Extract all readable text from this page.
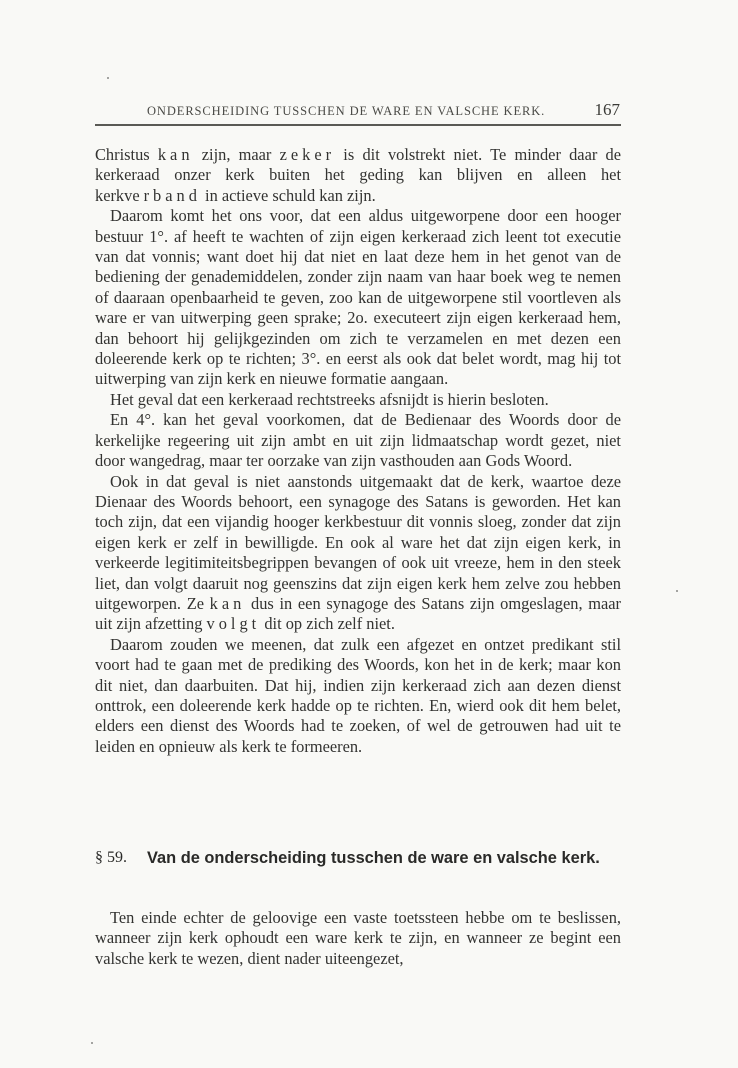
ONDERSCHEIDING TUSSCHEN DE WARE EN VALSCHE KERK.	167

Christus kan zijn, maar zeker is dit volstrekt niet. Te minder daar de kerkeraad onzer kerk buiten het geding kan blijven en alleen het kerkverband in actieve schuld kan zijn.

Daarom komt het ons voor, dat een aldus uitgeworpene door een hooger bestuur 1°. af heeft te wachten of zijn eigen kerkeraad zich leent tot executie van dat vonnis; want doet hij dat niet en laat deze hem in het genot van de bediening der genademiddelen, zonder zijn naam van haar boek weg te nemen of daaraan openbaarheid te geven, zoo kan de uitgeworpene stil voortleven als ware er van uitwerping geen sprake; 2o. executeert zijn eigen kerkeraad hem, dan behoort hij gelijkgezinden om zich te verzamelen en met dezen een doleerende kerk op te richten; 3°. en eerst als ook dat belet wordt, mag hij tot uitwerping van zijn kerk en nieuwe formatie aangaan.

Het geval dat een kerkeraad rechtstreeks afsnijdt is hierin besloten.

En 4°. kan het geval voorkomen, dat de Bedienaar des Woords door de kerkelijke regeering uit zijn ambt en uit zijn lidmaatschap wordt gezet, niet door wangedrag, maar ter oorzake van zijn vasthouden aan Gods Woord.

Ook in dat geval is niet aanstonds uitgemaakt dat de kerk, waartoe deze Dienaar des Woords behoort, een synagoge des Satans is geworden. Het kan toch zijn, dat een vijandig hooger kerkbestuur dit vonnis sloeg, zonder dat zijn eigen kerk er zelf in bewilligde. En ook al ware het dat zijn eigen kerk, in verkeerde legitimiteitsbegrippen bevangen of ook uit vreeze, hem in den steek liet, dan volgt daaruit nog geenszins dat zijn eigen kerk hem zelve zou hebben uitgeworpen. Ze kan dus in een synagoge des Satans zijn omgeslagen, maar uit zijn afzetting volgt dit op zich zelf niet.

Daarom zouden we meenen, dat zulk een afgezet en ontzet predikant stil voort had te gaan met de prediking des Woords, kon het in de kerk; maar kon dit niet, dan daarbuiten. Dat hij, indien zijn kerkeraad zich aan dezen dienst onttrok, een doleerende kerk hadde op te richten. En, wierd ook dit hem belet, elders een dienst des Woords had te zoeken, of wel de getrouwen had uit te leiden en opnieuw als kerk te formeeren.

§ 59. Van de onderscheiding tusschen de ware en valsche kerk.

Ten einde echter de geloovige een vaste toetssteen hebbe om te beslissen, wanneer zijn kerk ophoudt een ware kerk te zijn, en wanneer ze begint een valsche kerk te wezen, dient nader uiteengezet,
